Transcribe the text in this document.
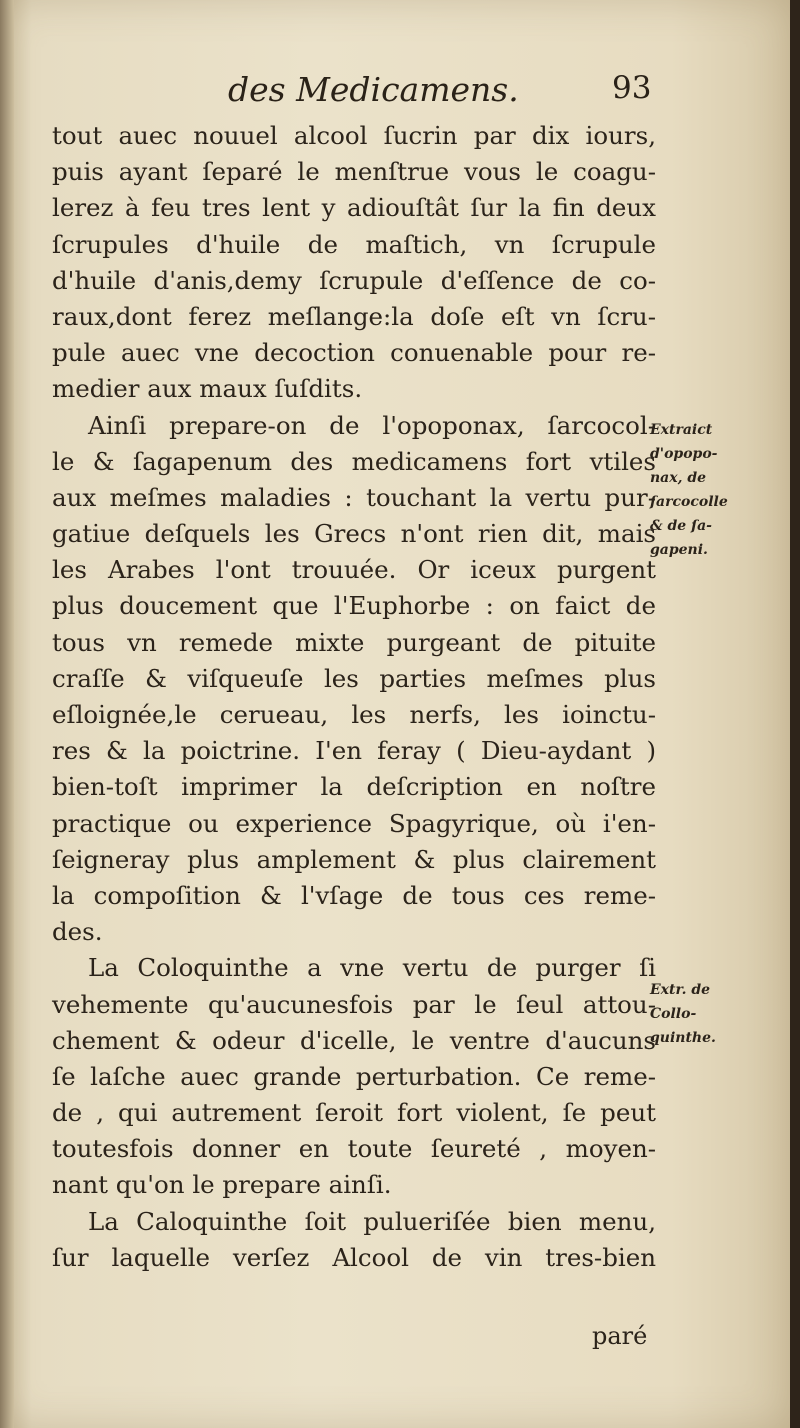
des Medicamens.	93
tout auec nouuel alcool ſucrin par dix iours,
puis ayant ſeparé le menſtrue vous le coagu-
lerez à feu tres lent y adiouſtât ſur la fin deux
ſcrupules d'huile de maſtich, vn ſcrupule
d'huile d'anis,demy ſcrupule d'eſſence de co-
raux,dont ferez meſlange:la doſe eſt vn ſcru-
pule auec vne decoction conuenable pour re-
medier aux maux ſuſdits.
Ainſi prepare-on de l'opoponax, ſarcocol-
le & ſagapenum des medicamens fort vtiles
aux meſmes maladies : touchant la vertu pur-
gatiue deſquels les Grecs n'ont rien dit, mais
les Arabes l'ont trouuée. Or iceux purgent
plus doucement que l'Euphorbe : on faict de
tous vn remede mixte purgeant de pituite
craſſe & viſqueuſe les parties meſmes plus
eſloignée,le cerueau, les nerfs, les ioinctu-
res & la poictrine. I'en feray ( Dieu-aydant )
bien-toſt imprimer la deſcription en noſtre
practique ou experience Spagyrique, où i'en-
ſeigneray plus amplement & plus clairement
la compoſition & l'vſage de tous ces reme-
des.
La Coloquinthe a vne vertu de purger ſi
vehemente qu'aucunesfois par le ſeul attou-
chement & odeur d'icelle, le ventre d'aucuns
ſe laſche auec grande perturbation. Ce reme-
de , qui autrement ſeroit fort violent, ſe peut
toutesfois donner en toute ſeureté , moyen-
nant qu'on le prepare ainſi.
La Caloquinthe ſoit puluеriſée bien menu,
ſur laquelle verſez Alcool de vin tres-bien
Extraict
d'opopo-
nax, de
ſarcocolle
& de ſa-
gapeni.
Extr. de
Collo-
quinthe.
paré
